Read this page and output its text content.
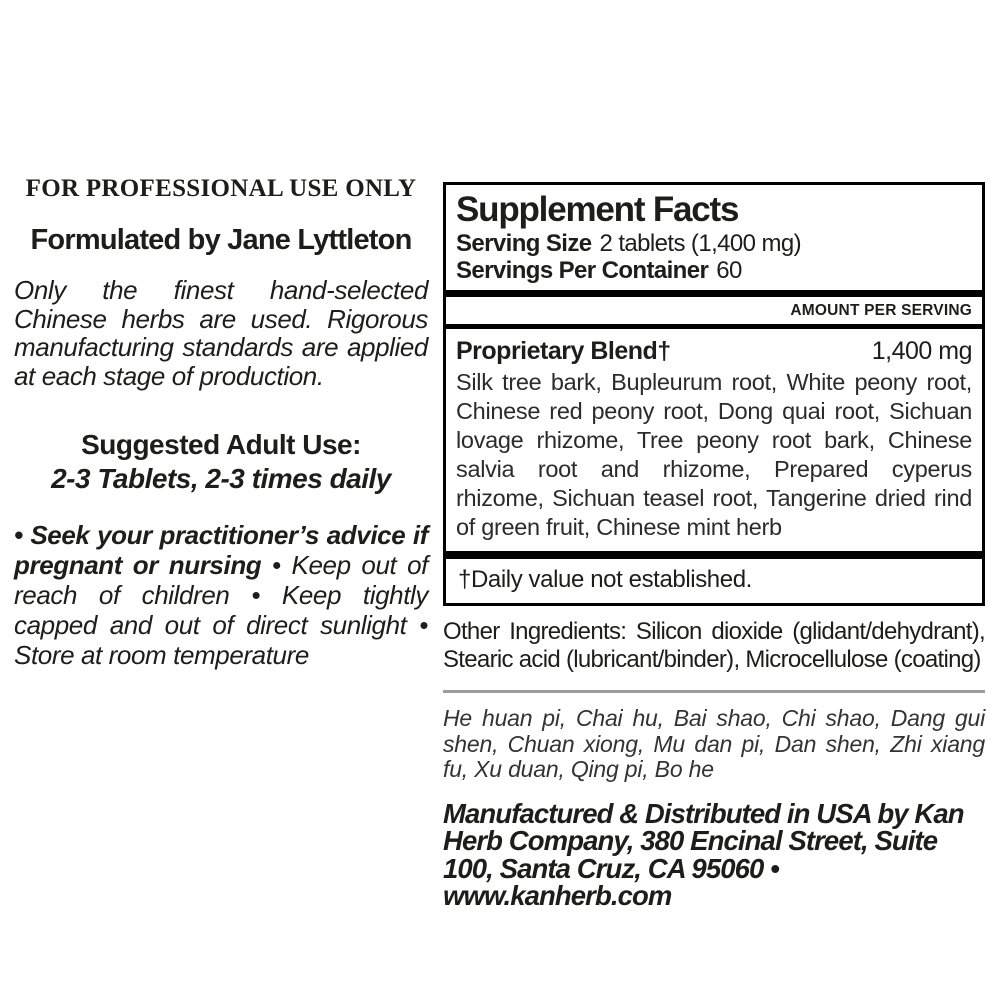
FOR PROFESSIONAL USE ONLY
Formulated by Jane Lyttleton

Only the finest hand-selected Chinese herbs are used. Rigorous manufacturing standards are applied at each stage of production.

Suggested Adult Use:
2-3 Tablets, 2-3 times daily

• Seek your practitioner’s advice if pregnant or nursing • Keep out of reach of children • Keep tightly capped and out of direct sunlight • Store at room temperature

Supplement Facts
Serving Size 2 tablets (1,400 mg)
Servings Per Container 60
AMOUNT PER SERVING
Proprietary Blend†	1,400 mg

Silk tree bark, Bupleurum root, White peony root, Chinese red peony root, Dong quai root, Sichuan lovage rhizome, Tree peony root bark, Chinese salvia root and rhizome, Prepared cyperus rhizome, Sichuan teasel root, Tangerine dried rind of green fruit, Chinese mint herb

†Daily value not established.

Other Ingredients: Silicon dioxide (glidant/dehydrant), Stearic acid (lubricant/binder), Microcellulose (coating)

He huan pi, Chai hu, Bai shao, Chi shao, Dang gui shen, Chuan xiong, Mu dan pi, Dan shen, Zhi xiang fu, Xu duan, Qing pi, Bo he

Manufactured & Distributed in USA by Kan Herb Company, 380 Encinal Street, Suite 100, Santa Cruz, CA 95060 • www.kanherb.com
